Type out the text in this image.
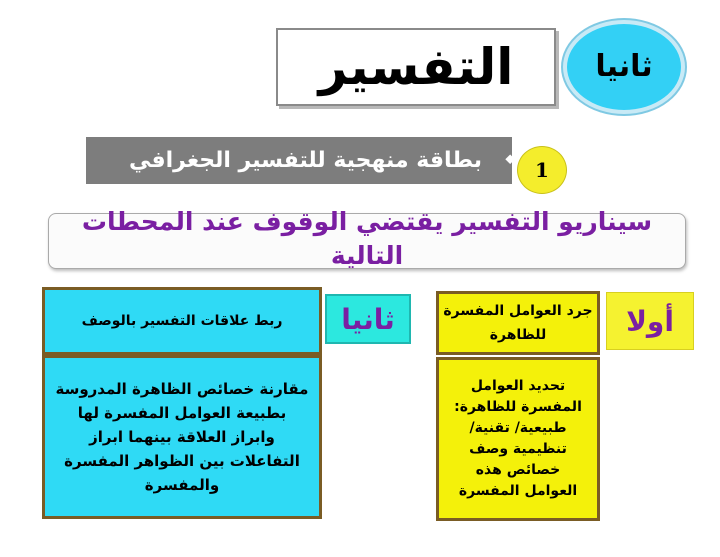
التفسير	ثانيا
بطاقة منهجية للتفسير الجغرافي ⬥ 1
سيناريو التفسير يقتضي الوقوف عند المحطات التالية
أولا
ثانيا	جرد العوامل المفسرة للظاهرة
تحديد العوامل المفسرة للظاهرة: طبيعية/ تقنية/ تنظيمية وصف خصائص هذه العوامل المفسرة
ربط علاقات التفسير بالوصف
مقارنة خصائص الظاهرة المدروسة بطبيعة العوامل المفسرة لها وابراز العلاقة بينهما ابراز التفاعلات بين الظواهر المفسرة والمفسرة
